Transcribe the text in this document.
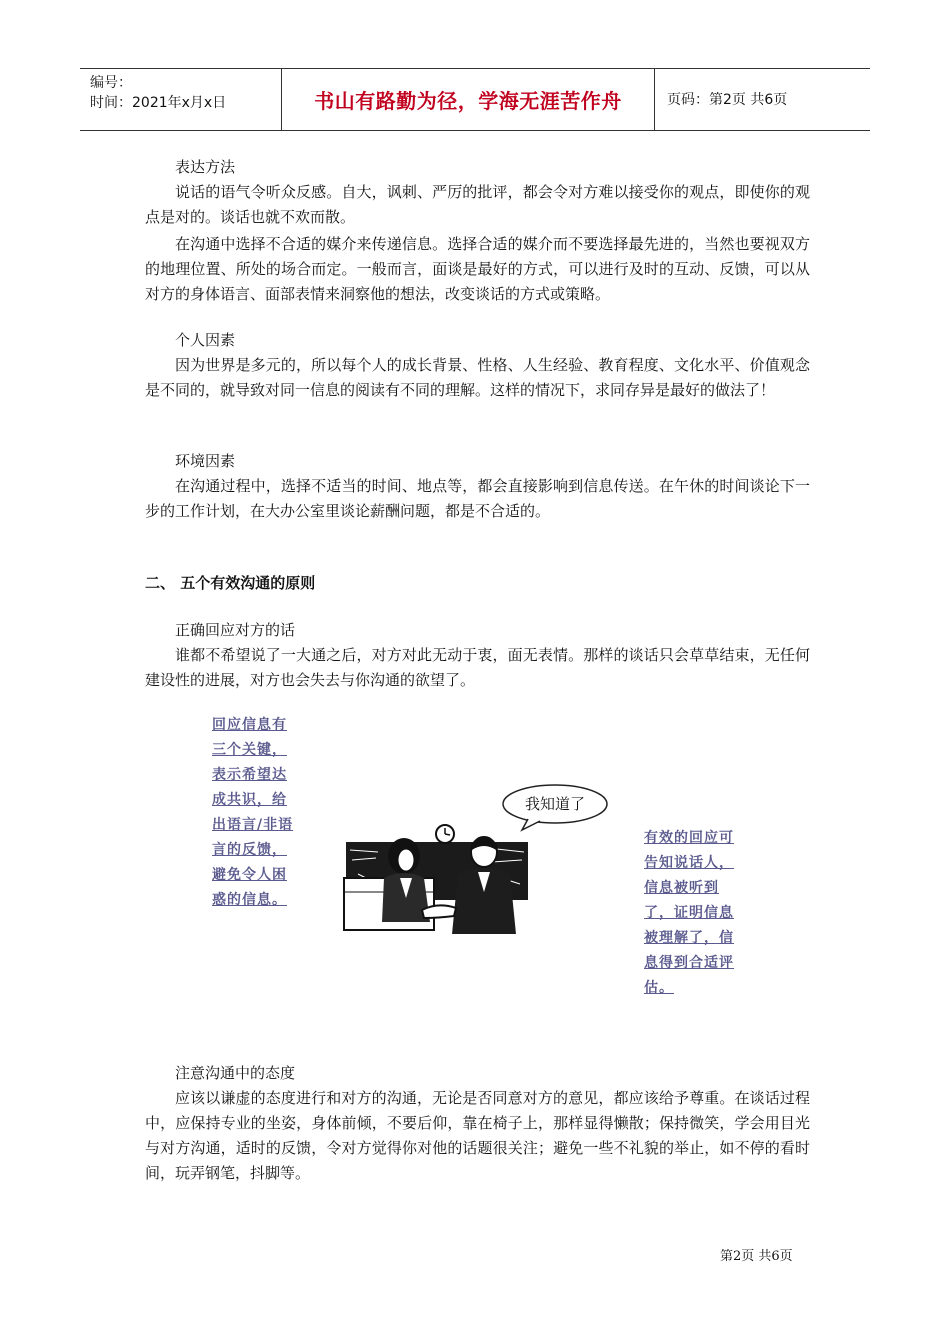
编号：
时间：2021年x月x日	书山有路勤为径，学海无涯苦作舟	页码：第2页 共6页

表达方法

说话的语气令听众反感。自大，讽刺、严厉的批评，都会令对方难以接受你的观点，即使你的观点是对的。谈话也就不欢而散。

在沟通中选择不合适的媒介来传递信息。选择合适的媒介而不要选择最先进的，当然也要视双方的地理位置、所处的场合而定。一般而言，面谈是最好的方式，可以进行及时的互动、反馈，可以从对方的身体语言、面部表情来洞察他的想法，改变谈话的方式或策略。

个人因素

因为世界是多元的，所以每个人的成长背景、性格、人生经验、教育程度、文化水平、价值观念是不同的，就导致对同一信息的阅读有不同的理解。这样的情况下，求同存异是最好的做法了！

环境因素

在沟通过程中，选择不适当的时间、地点等，都会直接影响到信息传送。在午休的时间谈论下一步的工作计划，在大办公室里谈论薪酬问题，都是不合适的。

二、 五个有效沟通的原则

正确回应对方的话

谁都不希望说了一大通之后，对方对此无动于衷，面无表情。那样的谈话只会草草结束，无任何建设性的进展，对方也会失去与你沟通的欲望了。

回应信息有三个关键，表示希望达成共识，给出语言/非语言的反馈，避免令人困惑的信息。

我知道了

有效的回应可告知说话人，信息被听到了，证明信息被理解了，信息得到合适评估。

注意沟通中的态度

应该以谦虚的态度进行和对方的沟通，无论是否同意对方的意见，都应该给予尊重。在谈话过程中，应保持专业的坐姿，身体前倾，不要后仰，靠在椅子上，那样显得懒散；保持微笑，学会用目光与对方沟通，适时的反馈，令对方觉得你对他的话题很关注；避免一些不礼貌的举止，如不停的看时间，玩弄钢笔，抖脚等。

第2页 共6页
